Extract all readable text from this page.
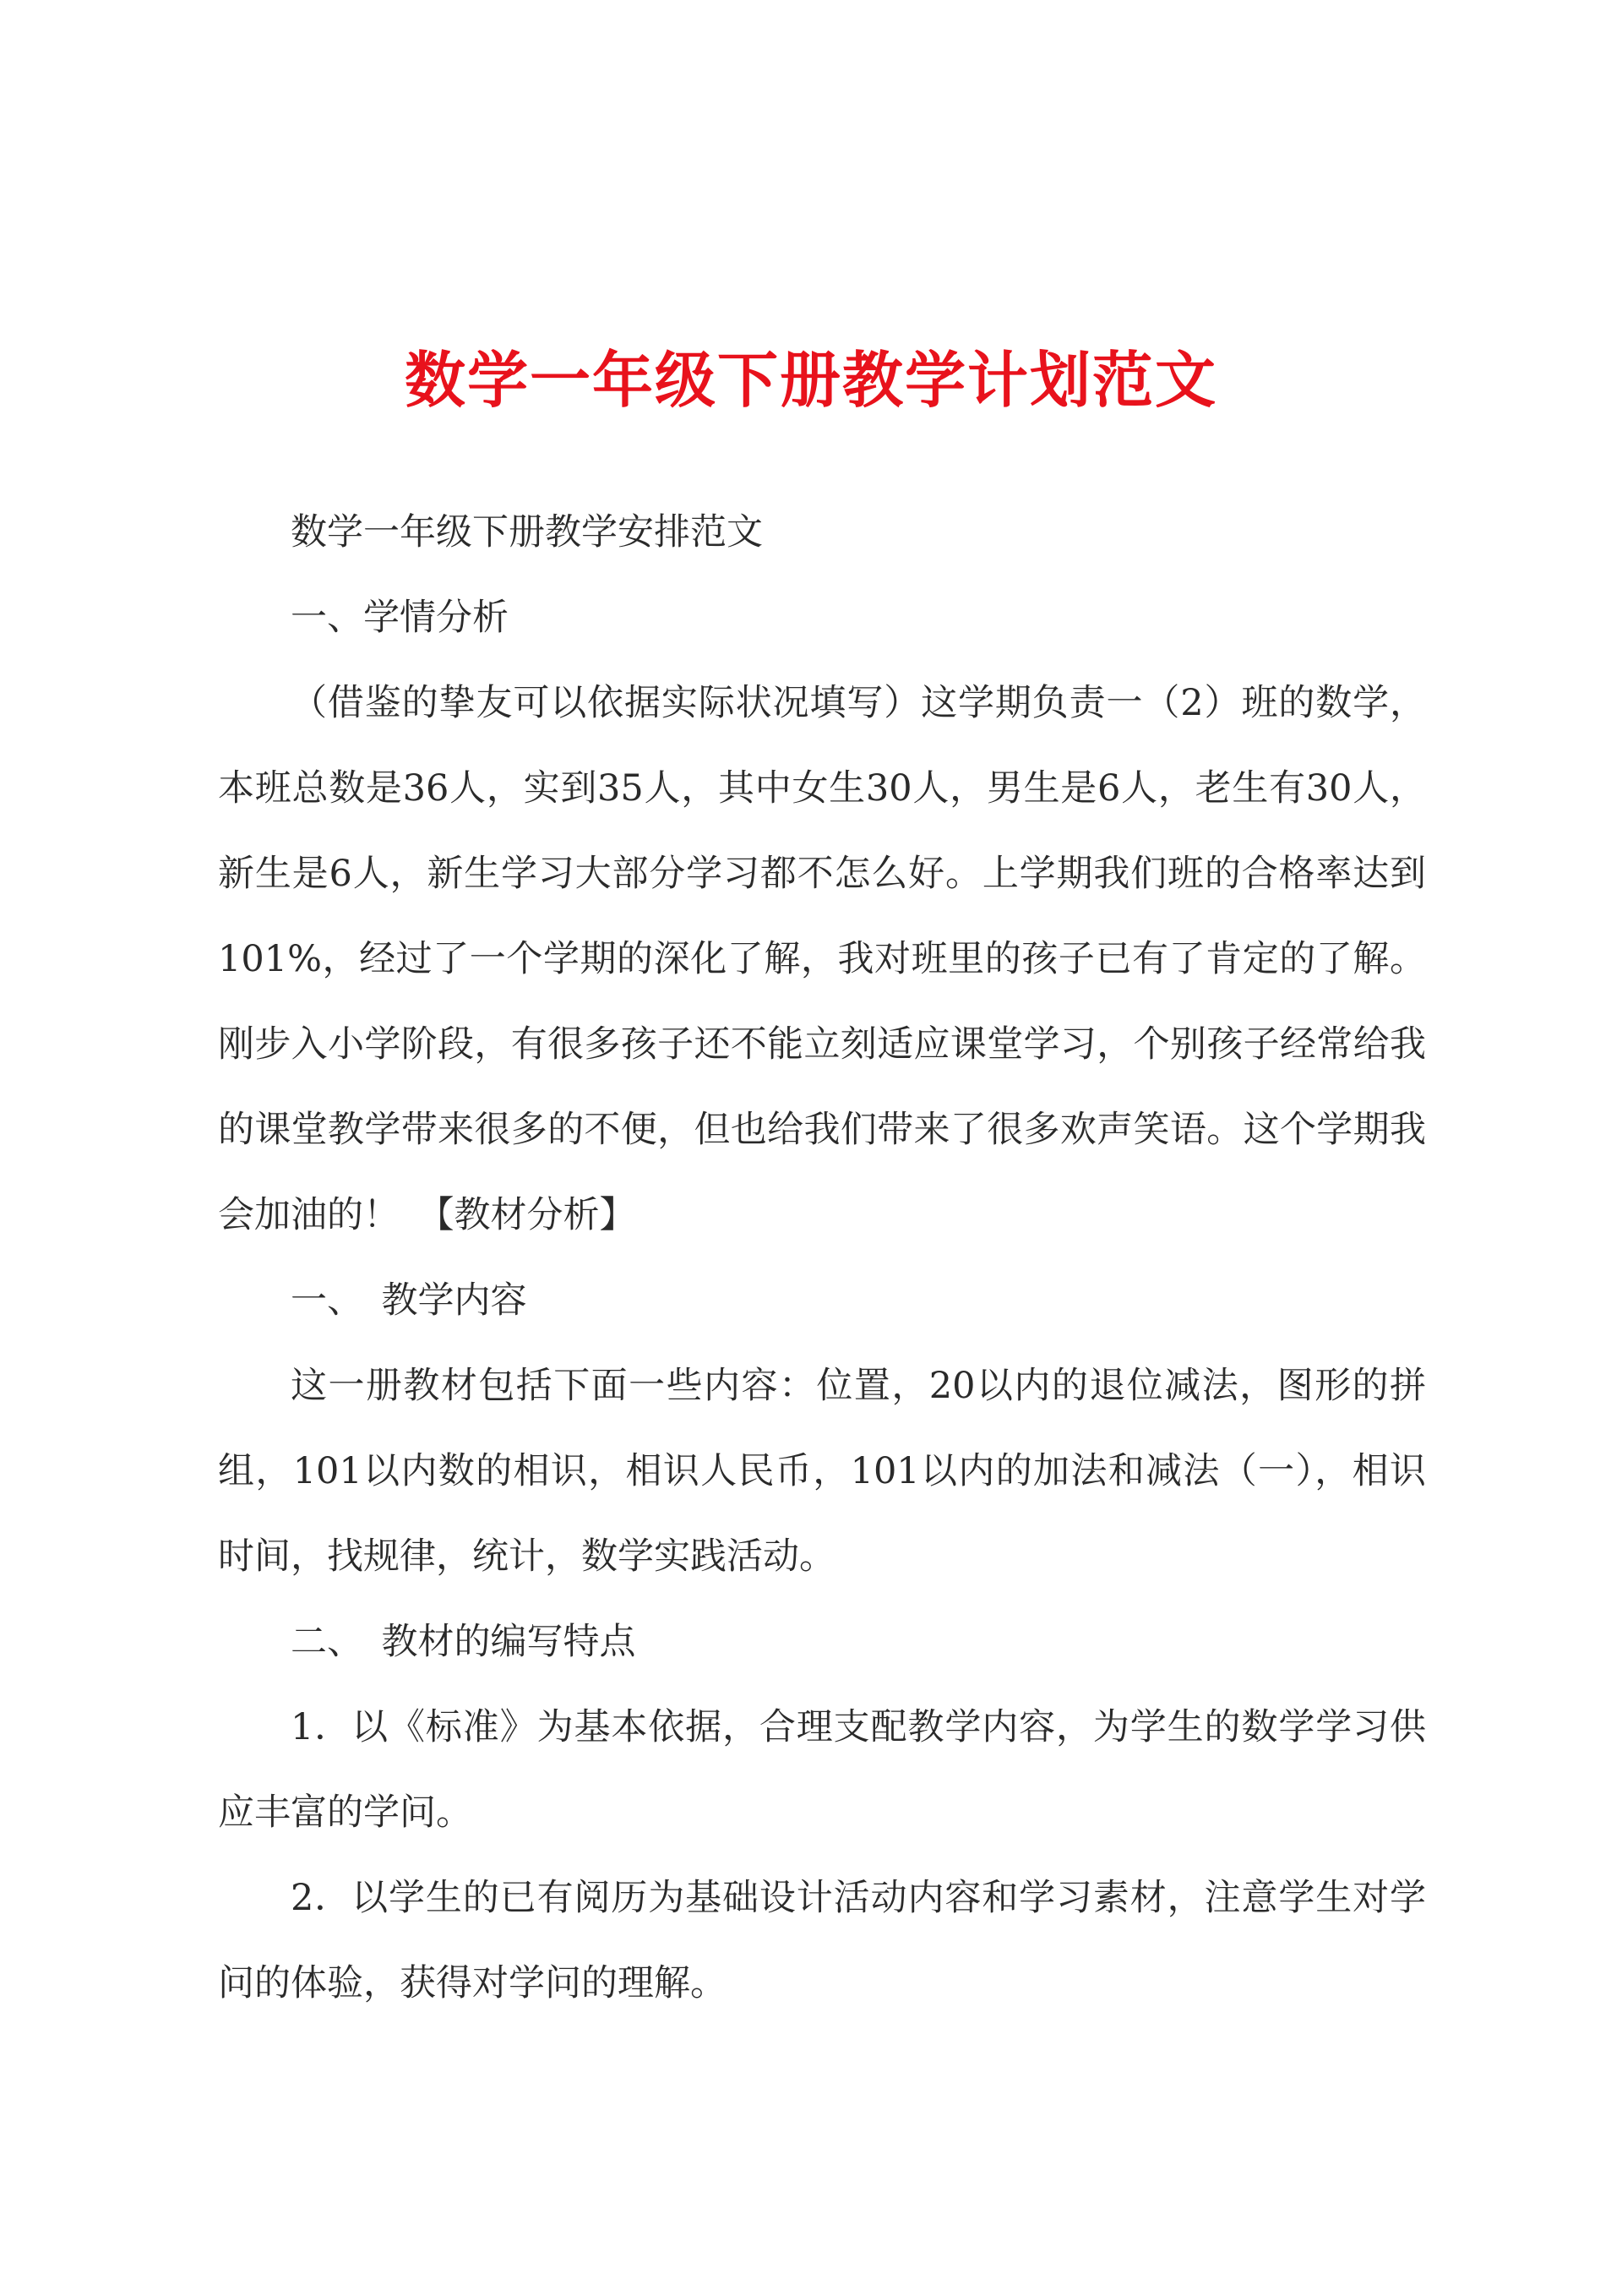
数学一年级下册教学计划范文

数学一年级下册教学安排范文

一、学情分析

（借鉴的挚友可以依据实际状况填写）这学期负责一（2）班的数学，本班总数是36人，实到35人，其中女生30人，男生是6人，老生有30人，新生是6人，新生学习大部分学习都不怎么好。上学期我们班的合格率达到101%，经过了一个学期的深化了解，我对班里的孩子已有了肯定的了解。刚步入小学阶段，有很多孩子还不能立刻适应课堂学习，个别孩子经常给我的课堂教学带来很多的不便，但也给我们带来了很多欢声笑语。这个学期我会加油的！　【教材分析】

一、　教学内容

这一册教材包括下面一些内容：位置，20以内的退位减法，图形的拼组，101以内数的相识，相识人民币，101以内的加法和减法（一），相识时间，找规律，统计，数学实践活动。

二、　教材的编写特点

1．以《标准》为基本依据，合理支配教学内容，为学生的数学学习供应丰富的学问。

2．以学生的已有阅历为基础设计活动内容和学习素材，注意学生对学问的体验，获得对学问的理解。
